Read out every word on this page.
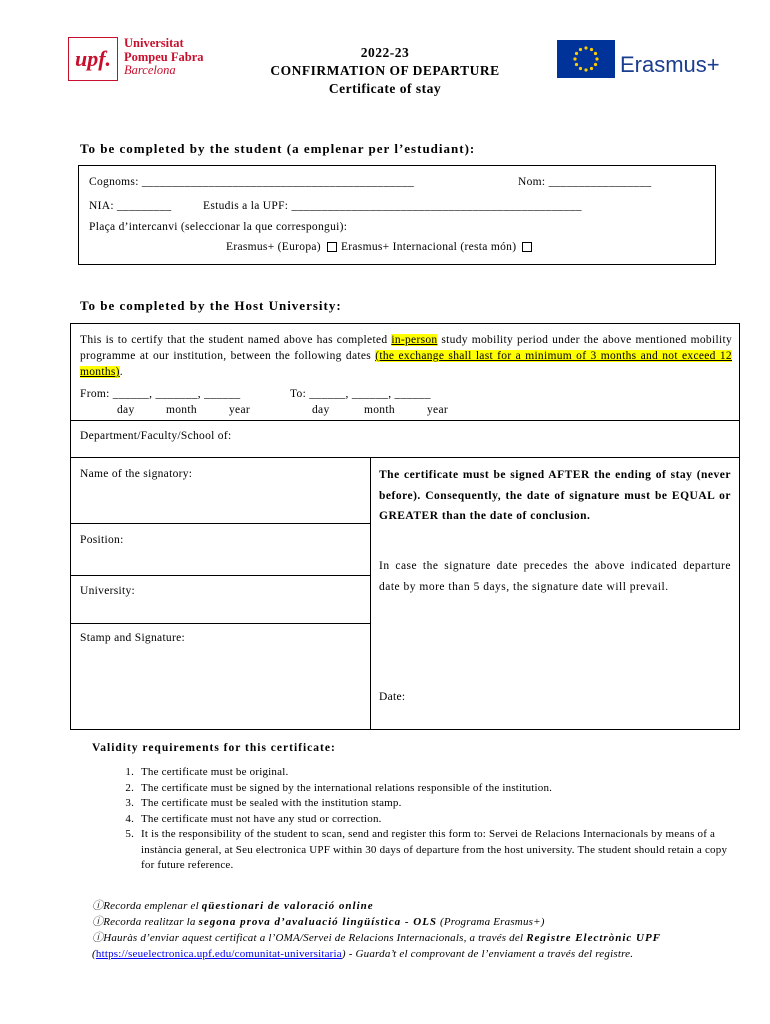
upf.
Universitat
Pompeu Fabra
Barcelona
2022-23
CONFIRMATION OF DEPARTURE
Certificate of stay
Erasmus+
To be completed by the student (a emplenar per l’estudiant):
Cognoms: _____________________________________________	Nom: _________________
NIA: _________	Estudis a la UPF: ________________________________________________
Plaça d’intercanvi (seleccionar la que correspongui):
Erasmus+ (Europa) Erasmus+ Internacional (resta món)
To be completed by the Host University:
This is to certify that the student named above has completed in-person study mobility period under the above mentioned mobility programme at our institution, between the following dates (the exchange shall last for a minimum of 3 months and not exceed 12 months).
From: ______, _______, ______	To: ______, ______, ______
day	month	year	day	month	year
Department/Faculty/School of:
Name of the signatory:
Position:
University:
Stamp and Signature:
The certificate must be signed AFTER the ending of stay (never before). Consequently, the date of signature must be EQUAL or GREATER than the date of conclusion.
In case the signature date precedes the above indicated departure date by more than 5 days, the signature date will prevail.
Date:
Validity requirements for this certificate:
1. The certificate must be original.
2. The certificate must be signed by the international relations responsible of the institution.
3. The certificate must be sealed with the institution stamp.
4. The certificate must not have any stud or correction.
5. It is the responsibility of the student to scan, send and register this form to: Servei de Relacions Internacionals by means of a instància general, at Seu electronica UPF within 30 days of departure from the host university. The student should retain a copy for future reference.
ⓘRecorda emplenar el qüestionari de valoració online
ⓘRecorda realitzar la segona prova d’avaluació lingüística - OLS (Programa Erasmus+)
ⓘHauràs d’enviar aquest certificat a l’OMA/Servei de Relacions Internacionals, a través del Registre Electrònic UPF (https://seuelectronica.upf.edu/comunitat-universitaria) - Guarda’t el comprovant de l’enviament a través del registre.
